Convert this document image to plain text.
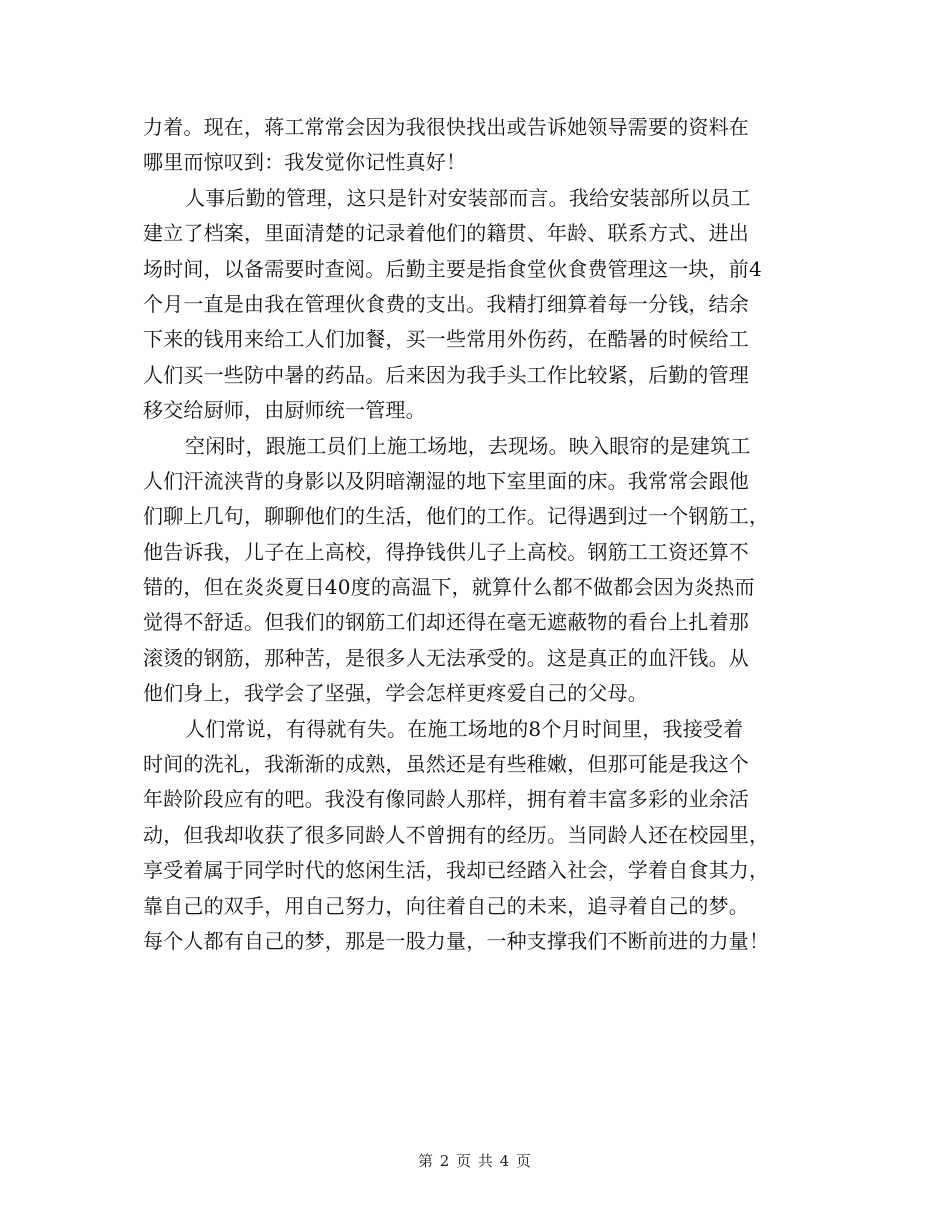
力着。现在，蒋工常常会因为我很快找出或告诉她领导需要的资料在
哪里而惊叹到：我发觉你记性真好！
人事后勤的管理，这只是针对安装部而言。我给安装部所以员工
建立了档案，里面清楚的记录着他们的籍贯、年龄、联系方式、进出
场时间，以备需要时查阅。后勤主要是指食堂伙食费管理这一块，前4
个月一直是由我在管理伙食费的支出。我精打细算着每一分钱，结余
下来的钱用来给工人们加餐，买一些常用外伤药，在酷暑的时候给工
人们买一些防中暑的药品。后来因为我手头工作比较紧，后勤的管理
移交给厨师，由厨师统一管理。
空闲时，跟施工员们上施工场地，去现场。映入眼帘的是建筑工
人们汗流浃背的身影以及阴暗潮湿的地下室里面的床。我常常会跟他
们聊上几句，聊聊他们的生活，他们的工作。记得遇到过一个钢筋工，
他告诉我，儿子在上高校，得挣钱供儿子上高校。钢筋工工资还算不
错的，但在炎炎夏日40度的高温下，就算什么都不做都会因为炎热而
觉得不舒适。但我们的钢筋工们却还得在毫无遮蔽物的看台上扎着那
滚烫的钢筋，那种苦，是很多人无法承受的。这是真正的血汗钱。从
他们身上，我学会了坚强，学会怎样更疼爱自己的父母。
人们常说，有得就有失。在施工场地的8个月时间里，我接受着
时间的洗礼，我渐渐的成熟，虽然还是有些稚嫩，但那可能是我这个
年龄阶段应有的吧。我没有像同龄人那样，拥有着丰富多彩的业余活
动，但我却收获了很多同龄人不曾拥有的经历。当同龄人还在校园里，
享受着属于同学时代的悠闲生活，我却已经踏入社会，学着自食其力，
靠自己的双手，用自己努力，向往着自己的未来，追寻着自己的梦。
每个人都有自己的梦，那是一股力量，一种支撑我们不断前进的力量！
第 2 页 共 4 页
